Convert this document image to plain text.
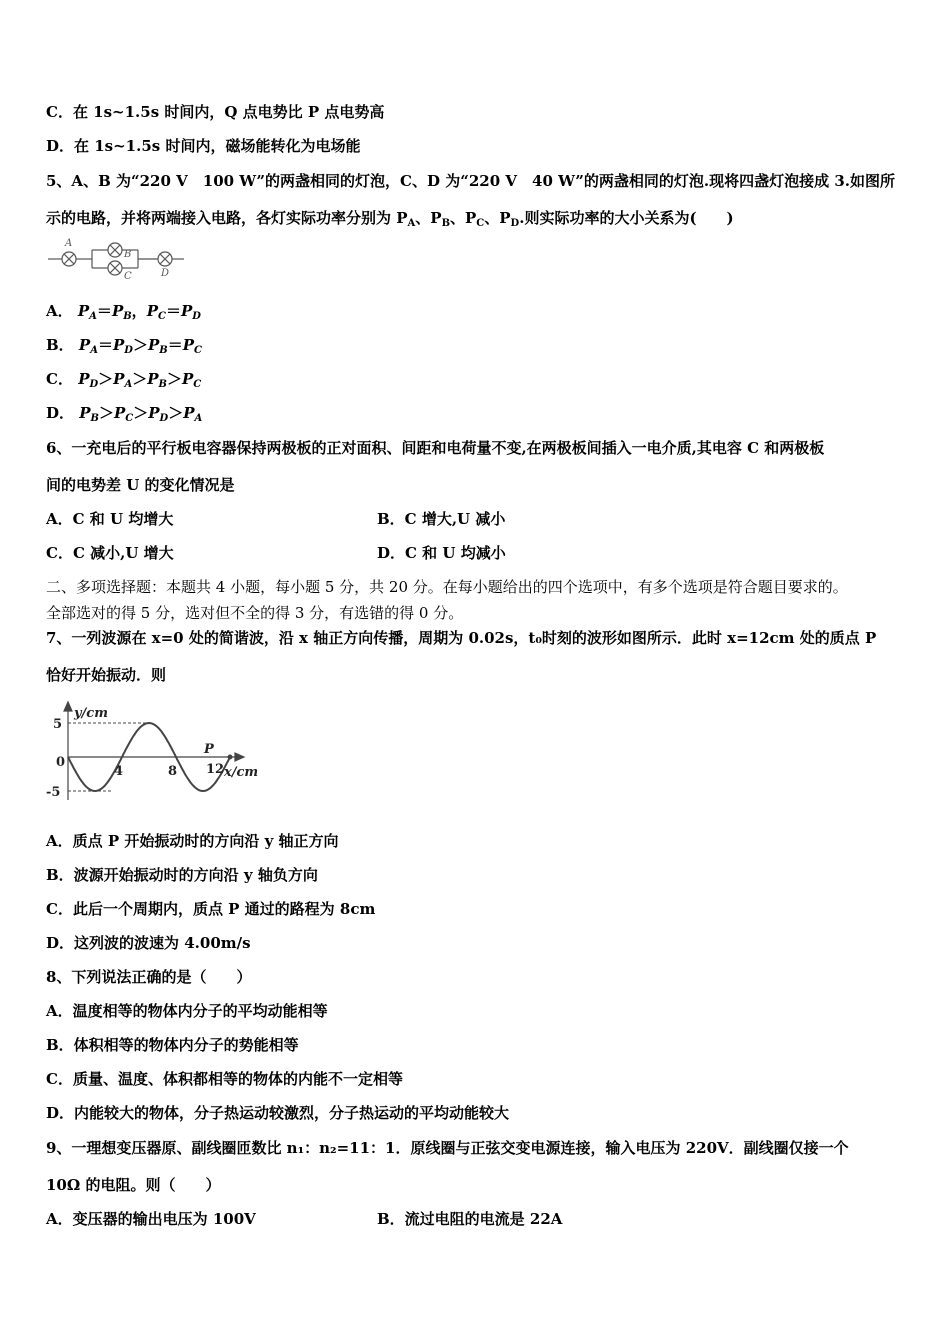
C．在 1s~1.5s 时间内，Q 点电势比 P 点电势高
D．在 1s~1.5s 时间内，磁场能转化为电场能
5、A、B 为“220 V　100 W”的两盏相同的灯泡，C、D 为“220 V　40 W”的两盏相同的灯泡.现将四盏灯泡接成 3.如图所
示的电路，并将两端接入电路，各灯实际功率分别为 $P_A$、$P_B$、$P_C$、$P_D$.则实际功率的大小关系为(　　)
A
B
C	D
A． $P_A=P_B$，$P_C=P_D$
B． $P_A=P_D>P_B=P_C$
C． $P_D>P_A>P_B>P_C$
D． $P_B>P_C>P_D>P_A$
6、一充电后的平行板电容器保持两极板的正对面积、间距和电荷量不变,在两极板间插入一电介质,其电容 C 和两极板
间的电势差 U 的变化情况是
A．C 和 U 均增大	B．C 增大,U 减小
C．C 减小,U 增大	D．C 和 U 均减小
二、多项选择题：本题共 4 小题，每小题 5 分，共 20 分。在每小题给出的四个选项中，有多个选项是符合题目要求的。
全部选对的得 5 分，选对但不全的得 3 分，有选错的得 0 分。
7、一列波源在 x=0 处的简谐波，沿 x 轴正方向传播，周期为 0.02s，t₀时刻的波形如图所示．此时 x=12cm 处的质点 P
恰好开始振动．则
y/cm
x/cm
P
0
5
-5
4	8 12
A．质点 P 开始振动时的方向沿 y 轴正方向
B．波源开始振动时的方向沿 y 轴负方向
C．此后一个周期内，质点 P 通过的路程为 8cm
D．这列波的波速为 4.00m/s
8、下列说法正确的是（　　）
A．温度相等的物体内分子的平均动能相等
B．体积相等的物体内分子的势能相等
C．质量、温度、体积都相等的物体的内能不一定相等
D．内能较大的物体，分子热运动较激烈，分子热运动的平均动能较大
9、一理想变压器原、副线圈匝数比 n₁：n₂=11：1．原线圈与正弦交变电源连接，输入电压为 220V．副线圈仅接一个
10Ω 的电阻。则（　　）
A．变压器的输出电压为 100V	B．流过电阻的电流是 22A
